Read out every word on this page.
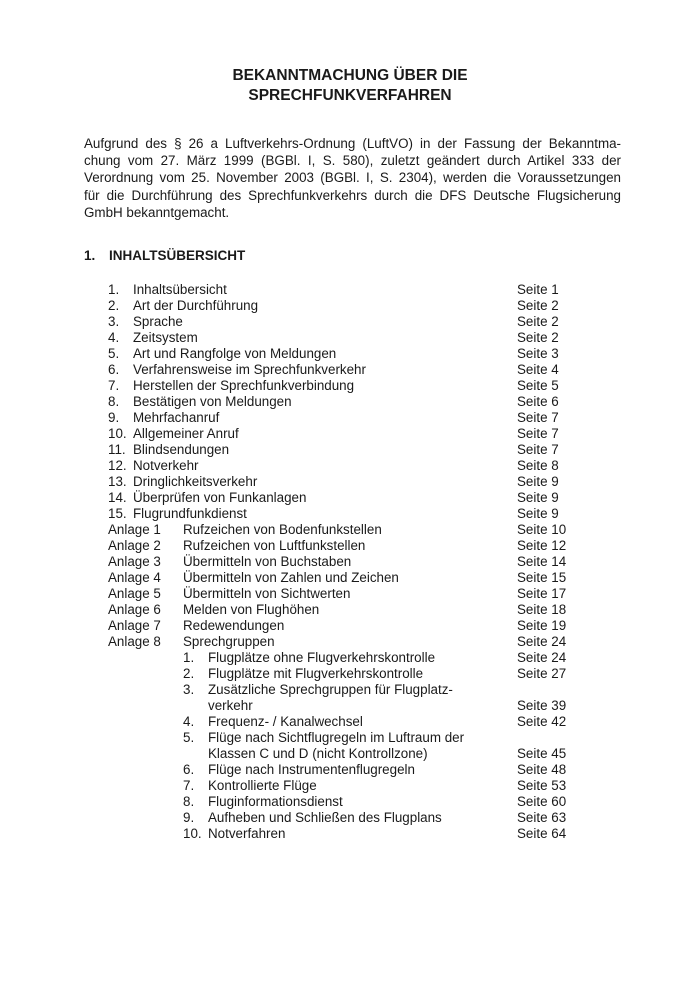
BEKANNTMACHUNG ÜBER DIE
SPRECHFUNKVERFAHREN
Aufgrund des § 26 a Luftverkehrs-Ordnung (LuftVO) in der Fassung der Bekanntma-
chung vom 27. März 1999 (BGBl. I, S. 580), zuletzt geändert durch Artikel 333 der
Verordnung vom 25. November 2003 (BGBl. I, S. 2304), werden die Voraussetzungen
für die Durchführung des Sprechfunkverkehrs durch die DFS Deutsche Flugsicherung
GmbH bekanntgemacht.
1. INHALTSÜBERSICHT
1. Inhaltsübersicht	Seite 1
2. Art der Durchführung	Seite 2
3. Sprache	Seite 2
4. Zeitsystem	Seite 2
5. Art und Rangfolge von Meldungen	Seite 3
6. Verfahrensweise im Sprechfunkverkehr	Seite 4
7. Herstellen der Sprechfunkverbindung	Seite 5
8. Bestätigen von Meldungen	Seite 6
9. Mehrfachanruf	Seite 7
10. Allgemeiner Anruf	Seite 7
11. Blindsendungen	Seite 7
12. Notverkehr	Seite 8
13. Dringlichkeitsverkehr	Seite 9
14. Überprüfen von Funkanlagen	Seite 9
15. Flugrundfunkdienst	Seite 9
Anlage 1 Rufzeichen von Bodenfunkstellen	Seite 10
Anlage 2 Rufzeichen von Luftfunkstellen	Seite 12
Anlage 3 Übermitteln von Buchstaben	Seite 14
Anlage 4 Übermitteln von Zahlen und Zeichen	Seite 15
Anlage 5 Übermitteln von Sichtwerten	Seite 17
Anlage 6 Melden von Flughöhen	Seite 18
Anlage 7 Redewendungen	Seite 19
Anlage 8 Sprechgruppen	Seite 24
1. Flugplätze ohne Flugverkehrskontrolle	Seite 24
2. Flugplätze mit Flugverkehrskontrolle	Seite 27
3. Zusätzliche Sprechgruppen für Flugplatz-
verkehr	Seite 39
4. Frequenz- / Kanalwechsel	Seite 42
5. Flüge nach Sichtflugregeln im Luftraum der
Klassen C und D (nicht Kontrollzone)	Seite 45
6. Flüge nach Instrumentenflugregeln	Seite 48
7. Kontrollierte Flüge	Seite 53
8. Fluginformationsdienst	Seite 60
9. Aufheben und Schließen des Flugplans	Seite 63
10. Notverfahren	Seite 64
